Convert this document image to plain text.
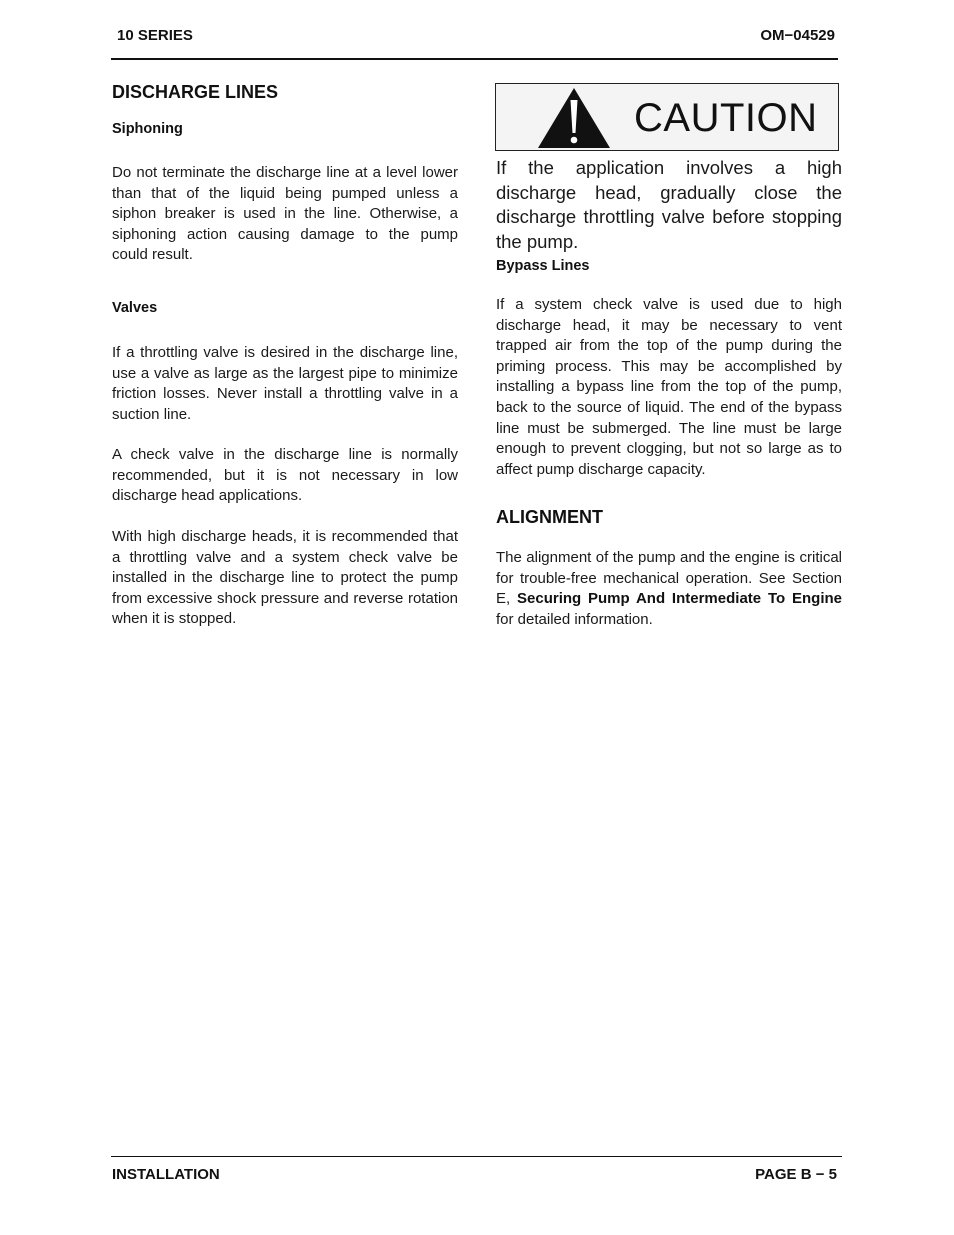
10 SERIES	OM−04529
DISCHARGE LINES
Siphoning

Do not terminate the discharge line at a level lower than that of the liquid being pumped unless a siphon breaker is used in the line. Otherwise, a siphoning action causing damage to the pump could result.

Valves

If a throttling valve is desired in the discharge line, use a valve as large as the largest pipe to minimize friction losses. Never install a throttling valve in a suction line.

A check valve in the discharge line is normally recommended, but it is not necessary in low discharge head applications.

With high discharge heads, it is recommended that a throttling valve and a system check valve be installed in the discharge line to protect the pump from excessive shock pressure and reverse rotation when it is stopped.

CAUTION

If the application involves a high discharge head, gradually close the discharge throttling valve before stopping the pump.

Bypass Lines

If a system check valve is used due to high discharge head, it may be necessary to vent trapped air from the top of the pump during the priming process. This may be accomplished by installing a bypass line from the top of the pump, back to the source of liquid. The end of the bypass line must be submerged. The line must be large enough to prevent clogging, but not so large as to affect pump discharge capacity.

ALIGNMENT

The alignment of the pump and the engine is critical for trouble-free mechanical operation. See Section E, Securing Pump And Intermediate To Engine for detailed information.

INSTALLATION	PAGE B − 5
